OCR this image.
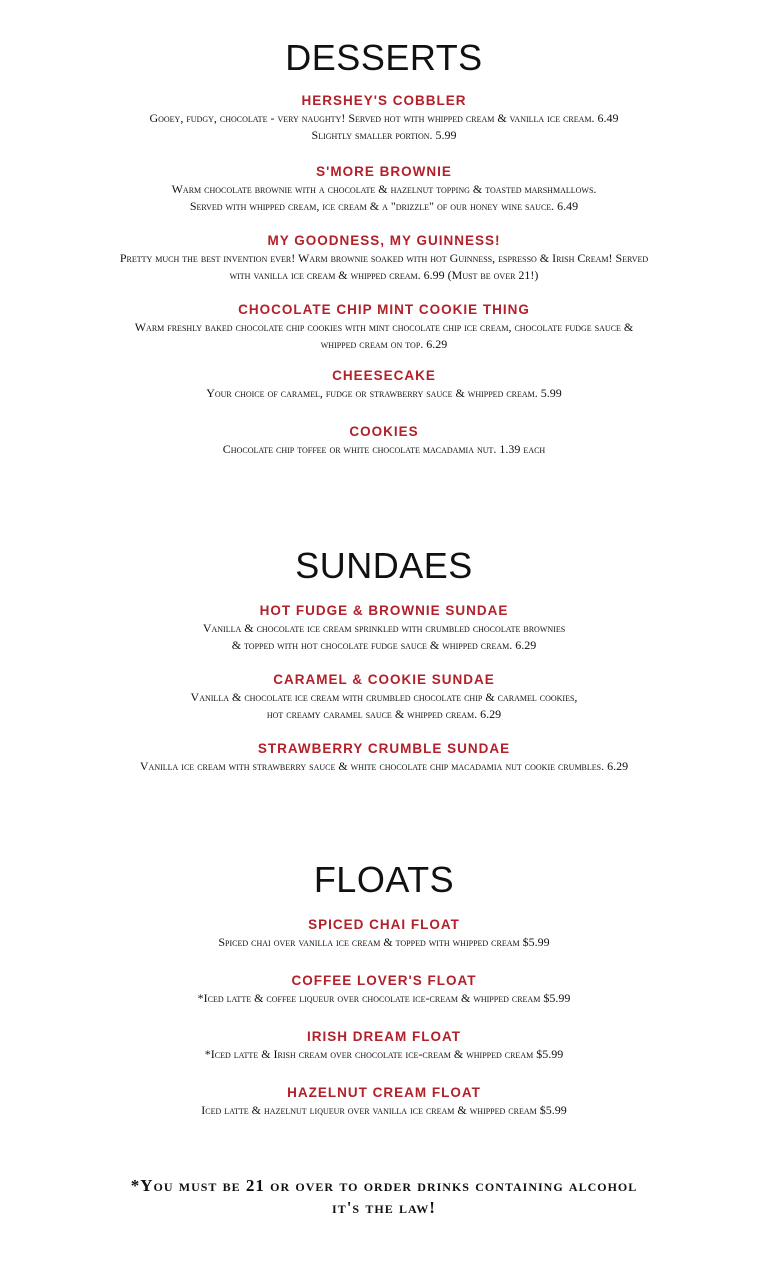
DESSERTS
HERSHEY'S COBBLER
Gooey, fudgy, chocolate - very naughty! Served hot with whipped cream & vanilla ice cream. 6.49
Slightly smaller portion. 5.99
S'MORE BROWNIE
Warm chocolate brownie with a chocolate & hazelnut topping & toasted marshmallows.
Served with whipped cream, ice cream & a "drizzle" of our honey wine sauce. 6.49
MY GOODNESS, MY GUINNESS!
Pretty much the best invention ever! Warm brownie soaked with hot Guinness, espresso & Irish Cream! Served
with vanilla ice cream & whipped cream. 6.99 (Must be over 21!)
CHOCOLATE CHIP MINT COOKIE THING
Warm freshly baked chocolate chip cookies with mint chocolate chip ice cream, chocolate fudge sauce &
whipped cream on top. 6.29
CHEESECAKE
Your choice of caramel, fudge or strawberry sauce & whipped cream. 5.99
COOKIES
Chocolate chip toffee or white chocolate macadamia nut. 1.39 each
SUNDAES
HOT FUDGE & BROWNIE SUNDAE
Vanilla & chocolate ice cream sprinkled with crumbled chocolate brownies
& topped with hot chocolate fudge sauce & whipped cream. 6.29
CARAMEL & COOKIE SUNDAE
Vanilla & chocolate ice cream with crumbled chocolate chip & caramel cookies,
hot creamy caramel sauce & whipped cream. 6.29
STRAWBERRY CRUMBLE SUNDAE
Vanilla ice cream with strawberry sauce & white chocolate chip macadamia nut cookie crumbles. 6.29
FLOATS
SPICED CHAI FLOAT
Spiced chai over vanilla ice cream & topped with whipped cream $5.99
COFFEE LOVER'S FLOAT
*Iced latte & coffee liqueur over chocolate ice-cream & whipped cream $5.99
IRISH DREAM FLOAT
*Iced latte & Irish cream over chocolate ice-cream & whipped cream $5.99
HAZELNUT CREAM FLOAT
Iced latte & hazelnut liqueur over vanilla ice cream & whipped cream $5.99
*You must be 21 or over to order drinks containing alcohol
it's the law!
